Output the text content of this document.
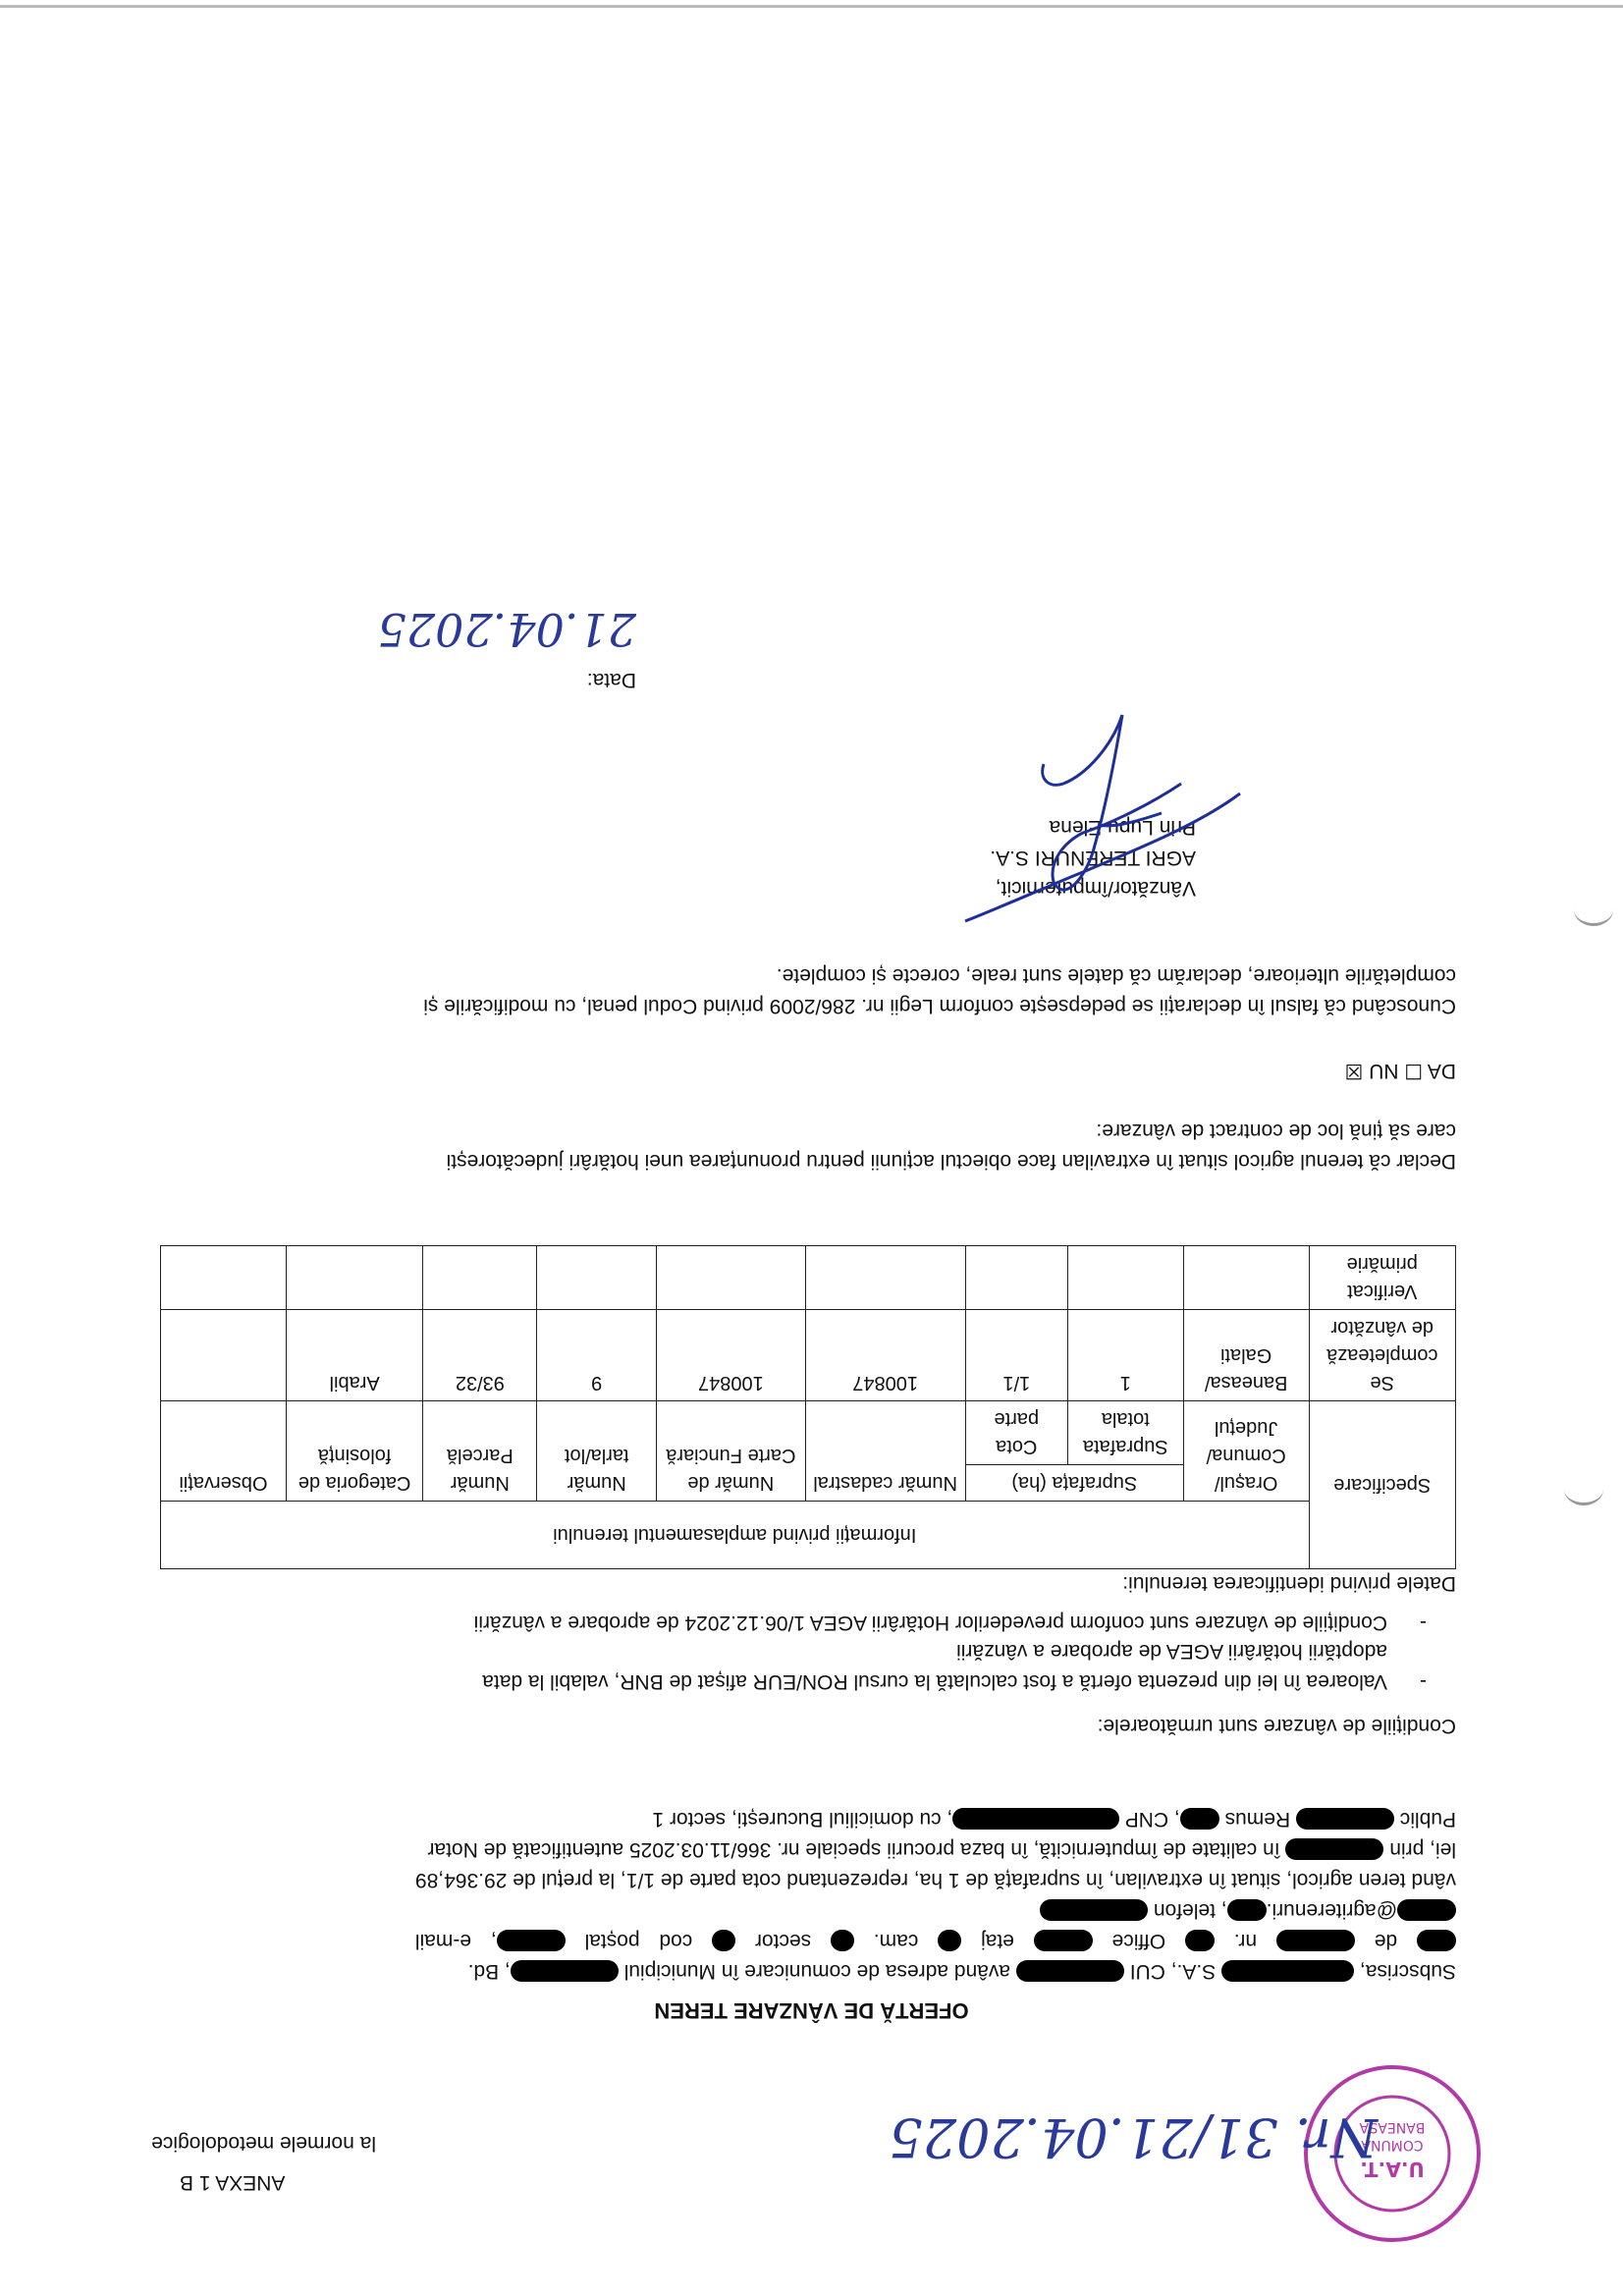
ANEXA 1 B
la normele metodologice
U.A.T.
COMUNA
BANEASA
Nr. 31/21.04.2025
OFERTĂ DE VÂNZARE TEREN
Subscrisa,  S.A., CUI  având adresa de comunicare în Municipiul , Bd.
de  nr.  Office  etaj  cam.  sector  cod poștal , e-mail
@agriterenuri., telefon
vând teren agricol, situat în extravilan, în suprafață de 1 ha, reprezentand cota parte de 1/1, la prețul de 29.364,89
lei, prin  în calitate de împuternicită, în baza procurii speciale nr. 366/11.03.2025 autentificată de Notar
Public  Remus , CNP , cu domiciliul București, sector 1
Condițiile de vânzare sunt următoarele:
-
Valoarea în lei din prezenta ofertă a fost calculată la cursul RON/EUR afișat de BNR, valabil la data
adoptării hotărârii AGEA de aprobare a vânzării
-
Condițiile de vânzare sunt conform prevederilor Hotărârii AGEA 1/06.12.2024 de aprobare a vânzării
Datele privind identificarea terenului:
Specificare	Informații privind amplasamentul terenului								
	Orașul/ Comuna/ Județul	Suprafața (ha)		Număr cadastral	Număr de Carte Funciară	Număr tarla/lot	Număr Parcelă	Categoria de folosință	Observații
		Suprafata totala	Cota parte						
Se completează de vânzător	Baneasa/ Galati	1	1/1	100847	100847	9	93/32	Arabil	
Verificat primărie									
Declar că terenul agricol situat în extravilan face obiectul acțiunii pentru pronunțarea unei hotărâri judecătorești
care să țină loc de contract de vânzare:
DA ☐ NU ☒
Cunoscând că falsul în declarații se pedepsește conform Legii nr. 286/2009 privind Codul penal, cu modificările și
completările ulterioare, declarăm că datele sunt reale, corecte și complete.
Vânzător/împuternicit,
AGRI TERENURI S.A.
Prin Lupu Elena
Data:
21.04.2025
